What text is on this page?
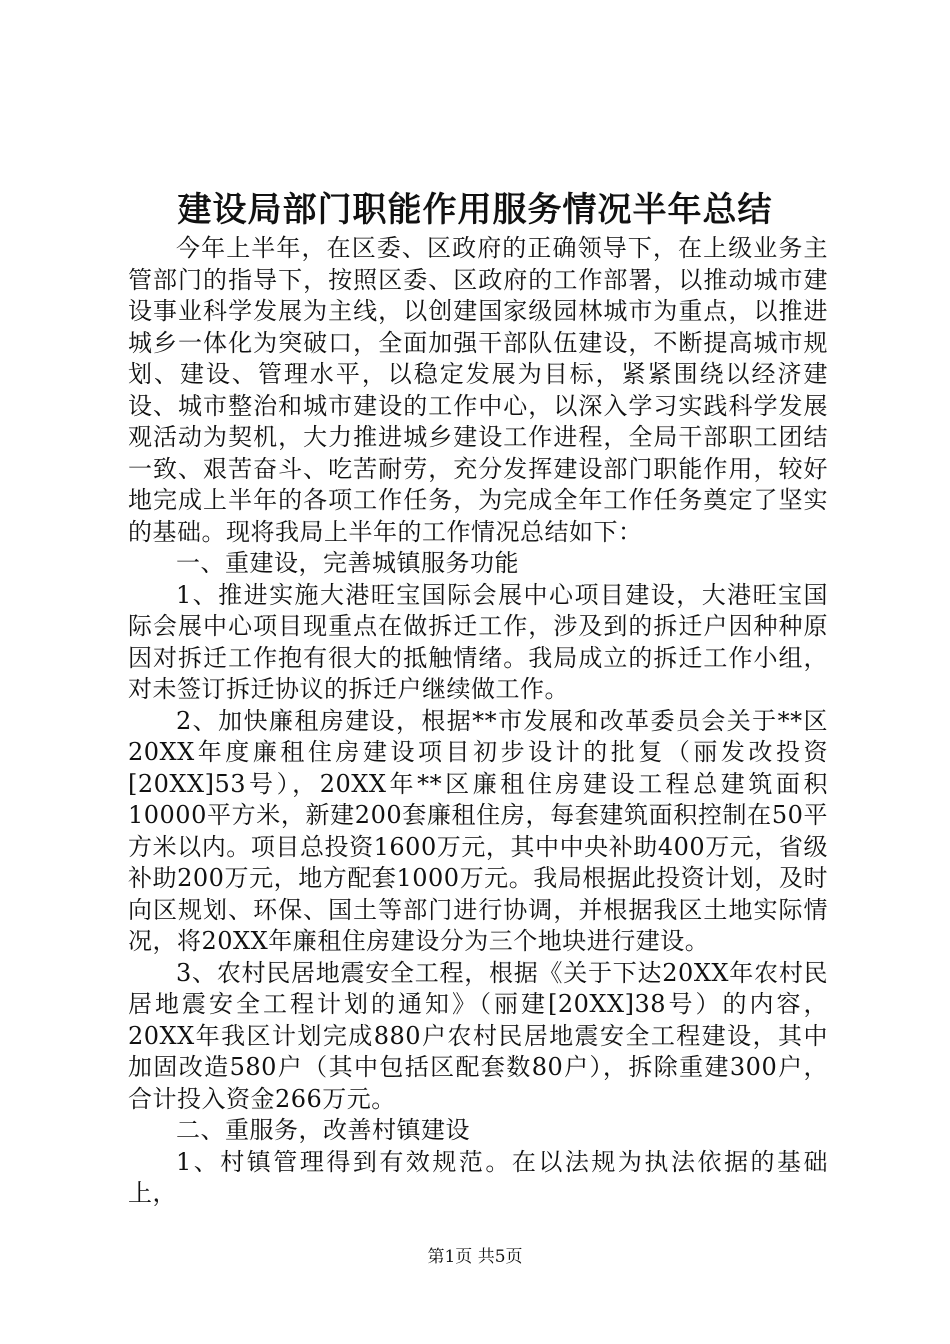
建设局部门职能作用服务情况半年总结

今年上半年，在区委、区政府的正确领导下，在上级业务主管部门的指导下，按照区委、区政府的工作部署，以推动城市建设事业科学发展为主线，以创建国家级园林城市为重点，以推进城乡一体化为突破口，全面加强干部队伍建设，不断提高城市规划、建设、管理水平，以稳定发展为目标，紧紧围绕以经济建设、城市整治和城市建设的工作中心，以深入学习实践科学发展观活动为契机，大力推进城乡建设工作进程，全局干部职工团结一致、艰苦奋斗、吃苦耐劳，充分发挥建设部门职能作用，较好地完成上半年的各项工作任务，为完成全年工作任务奠定了坚实的基础。现将我局上半年的工作情况总结如下：

一、重建设，完善城镇服务功能

1、推进实施大港旺宝国际会展中心项目建设，大港旺宝国际会展中心项目现重点在做拆迁工作，涉及到的拆迁户因种种原因对拆迁工作抱有很大的抵触情绪。我局成立的拆迁工作小组，对未签订拆迁协议的拆迁户继续做工作。

2、加快廉租房建设，根据**市发展和改革委员会关于**区20XX年度廉租住房建设项目初步设计的批复（丽发改投资[20XX]53号），20XX年**区廉租住房建设工程总建筑面积10000平方米，新建200套廉租住房，每套建筑面积控制在50平方米以内。项目总投资1600万元，其中中央补助400万元，省级补助200万元，地方配套1000万元。我局根据此投资计划，及时向区规划、环保、国土等部门进行协调，并根据我区土地实际情况，将20XX年廉租住房建设分为三个地块进行建设。

3、农村民居地震安全工程，根据《关于下达20XX年农村民居地震安全工程计划的通知》（丽建[20XX]38号）的内容，20XX年我区计划完成880户农村民居地震安全工程建设，其中加固改造580户（其中包括区配套数80户），拆除重建300户，合计投入资金266万元。

二、重服务，改善村镇建设

1、村镇管理得到有效规范。在以法规为执法依据的基础上，

第1页 共5页
